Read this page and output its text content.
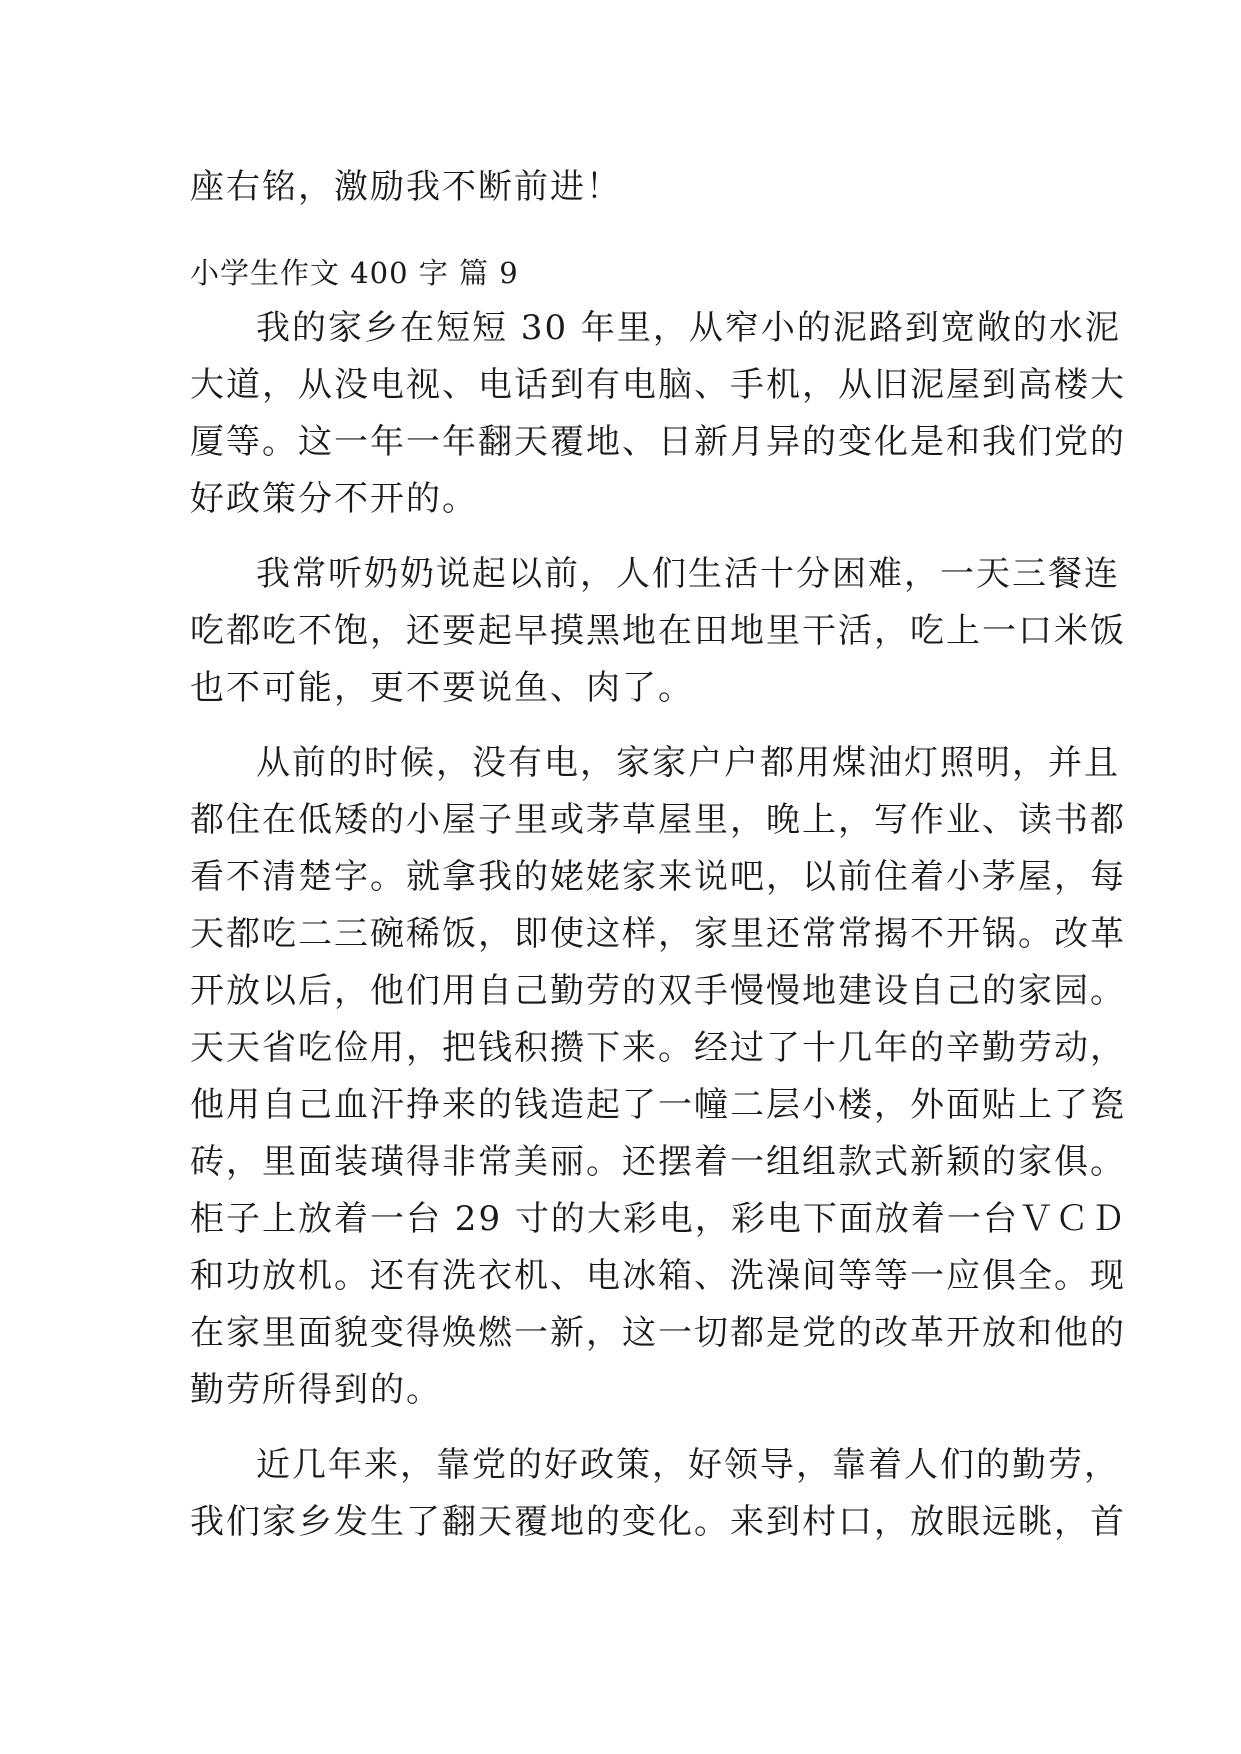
座右铭，激励我不断前进！
小学生作文 400 字 篇 9
我的家乡在短短 30 年里，从窄小的泥路到宽敞的水泥
大道，从没电视、电话到有电脑、手机，从旧泥屋到高楼大
厦等。这一年一年翻天覆地、日新月异的变化是和我们党的
好政策分不开的。
我常听奶奶说起以前，人们生活十分困难，一天三餐连
吃都吃不饱，还要起早摸黑地在田地里干活，吃上一口米饭
也不可能，更不要说鱼、肉了。
从前的时候，没有电，家家户户都用煤油灯照明，并且
都住在低矮的小屋子里或茅草屋里，晚上，写作业、读书都
看不清楚字。就拿我的姥姥家来说吧，以前住着小茅屋，每
天都吃二三碗稀饭，即使这样，家里还常常揭不开锅。改革
开放以后，他们用自己勤劳的双手慢慢地建设自己的家园。
天天省吃俭用，把钱积攒下来。经过了十几年的辛勤劳动，
他用自己血汗挣来的钱造起了一幢二层小楼，外面贴上了瓷
砖，里面装璜得非常美丽。还摆着一组组款式新颖的家俱。
柜子上放着一台 29 寸的大彩电，彩电下面放着一台ＶＣＤ
和功放机。还有洗衣机、电冰箱、洗澡间等等一应俱全。现
在家里面貌变得焕燃一新，这一切都是党的改革开放和他的
勤劳所得到的。
近几年来，靠党的好政策，好领导，靠着人们的勤劳，
我们家乡发生了翻天覆地的变化。来到村口，放眼远眺，首
